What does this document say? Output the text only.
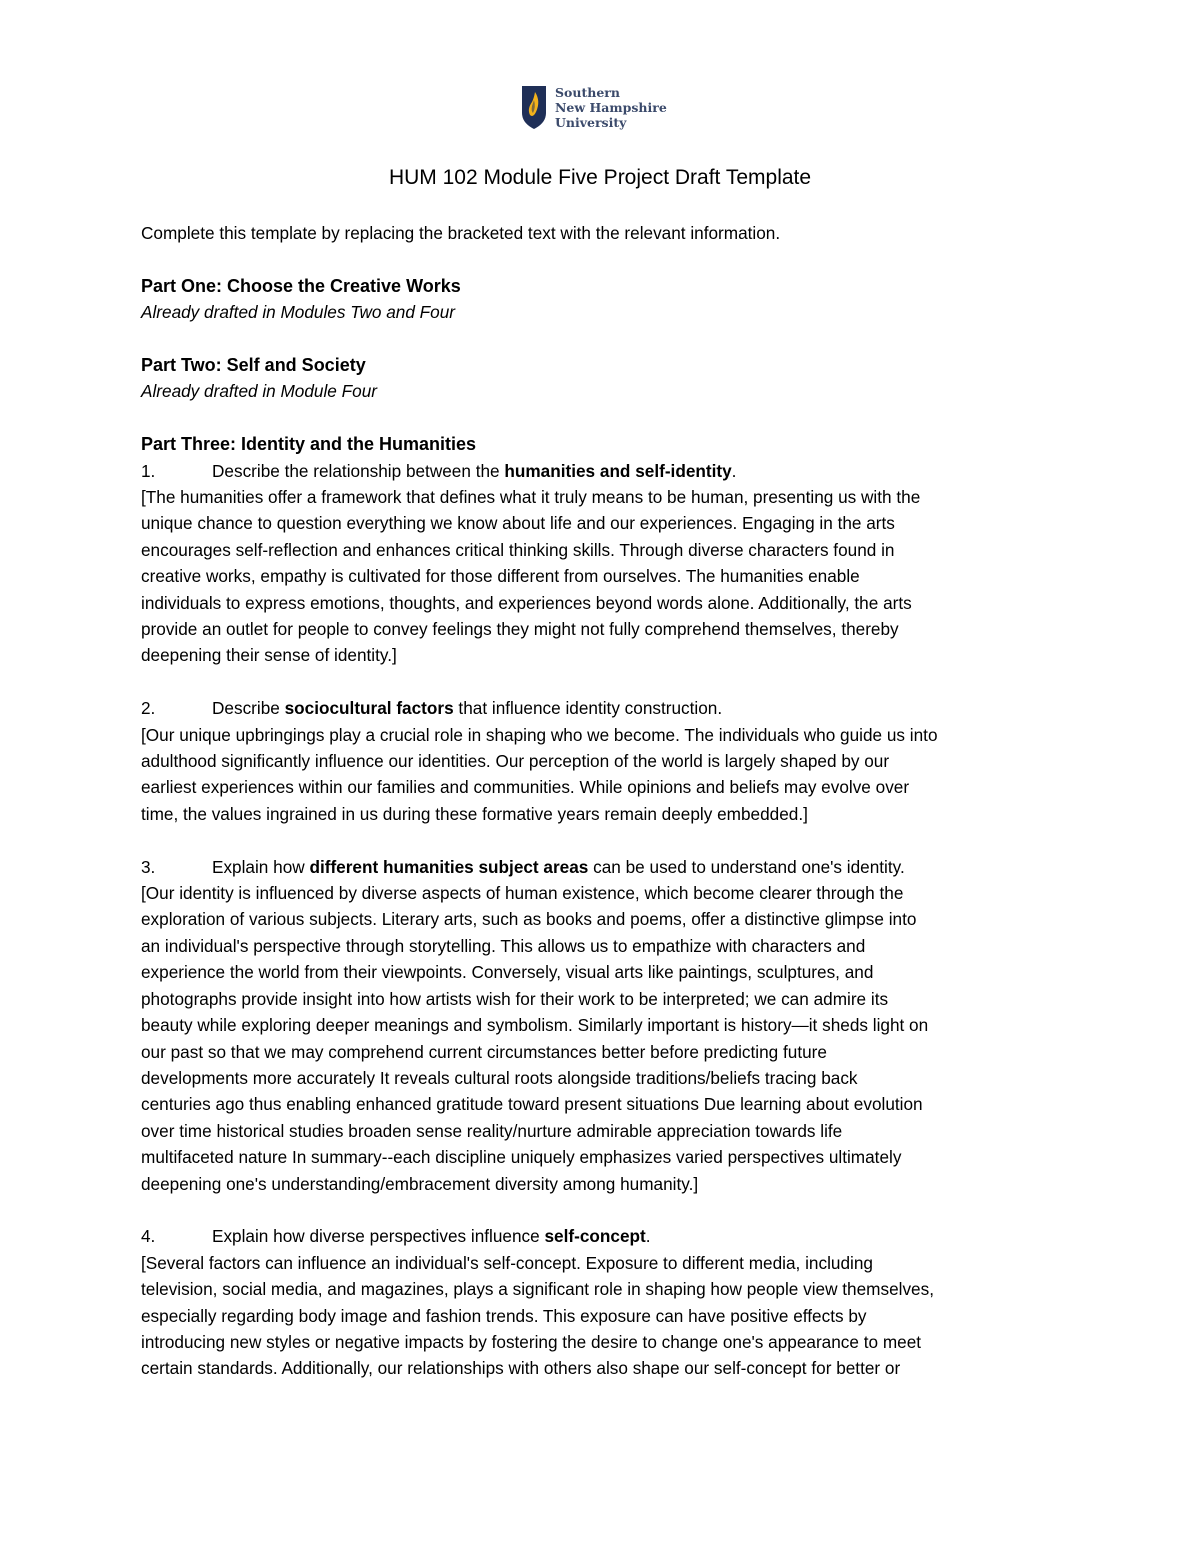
Southern
New Hampshire
University
HUM 102 Module Five Project Draft Template

Complete this template by replacing the bracketed text with the relevant information.

Part One: Choose the Creative Works

Already drafted in Modules Two and Four

Part Two: Self and Society

Already drafted in Module Four

Part Three: Identity and the Humanities

1.	Describe the relationship between the humanities and self-identity.
[The humanities offer a framework that defines what it truly means to be human, presenting us with the
unique chance to question everything we know about life and our experiences. Engaging in the arts
encourages self-reflection and enhances critical thinking skills. Through diverse characters found in
creative works, empathy is cultivated for those different from ourselves. The humanities enable
individuals to express emotions, thoughts, and experiences beyond words alone. Additionally, the arts
provide an outlet for people to convey feelings they might not fully comprehend themselves, thereby
deepening their sense of identity.]
2.	Describe sociocultural factors that influence identity construction.
[Our unique upbringings play a crucial role in shaping who we become. The individuals who guide us into
adulthood significantly influence our identities. Our perception of the world is largely shaped by our
earliest experiences within our families and communities. While opinions and beliefs may evolve over
time, the values ingrained in us during these formative years remain deeply embedded.]
3.	Explain how different humanities subject areas can be used to understand one's identity.
[Our identity is influenced by diverse aspects of human existence, which become clearer through the
exploration of various subjects. Literary arts, such as books and poems, offer a distinctive glimpse into
an individual's perspective through storytelling. This allows us to empathize with characters and
experience the world from their viewpoints. Conversely, visual arts like paintings, sculptures, and
photographs provide insight into how artists wish for their work to be interpreted; we can admire its
beauty while exploring deeper meanings and symbolism. Similarly important is history—it sheds light on
our past so that we may comprehend current circumstances better before predicting future
developments more accurately It reveals cultural roots alongside traditions/beliefs tracing back
centuries ago thus enabling enhanced gratitude toward present situations Due learning about evolution
over time historical studies broaden sense reality/nurture admirable appreciation towards life
multifaceted nature In summary--each discipline uniquely emphasizes varied perspectives ultimately
deepening one's understanding/embracement diversity among humanity.]
4.	Explain how diverse perspectives influence self-concept.
[Several factors can influence an individual's self-concept. Exposure to different media, including
television, social media, and magazines, plays a significant role in shaping how people view themselves,
especially regarding body image and fashion trends. This exposure can have positive effects by
introducing new styles or negative impacts by fostering the desire to change one's appearance to meet
certain standards. Additionally, our relationships with others also shape our self-concept for better or
